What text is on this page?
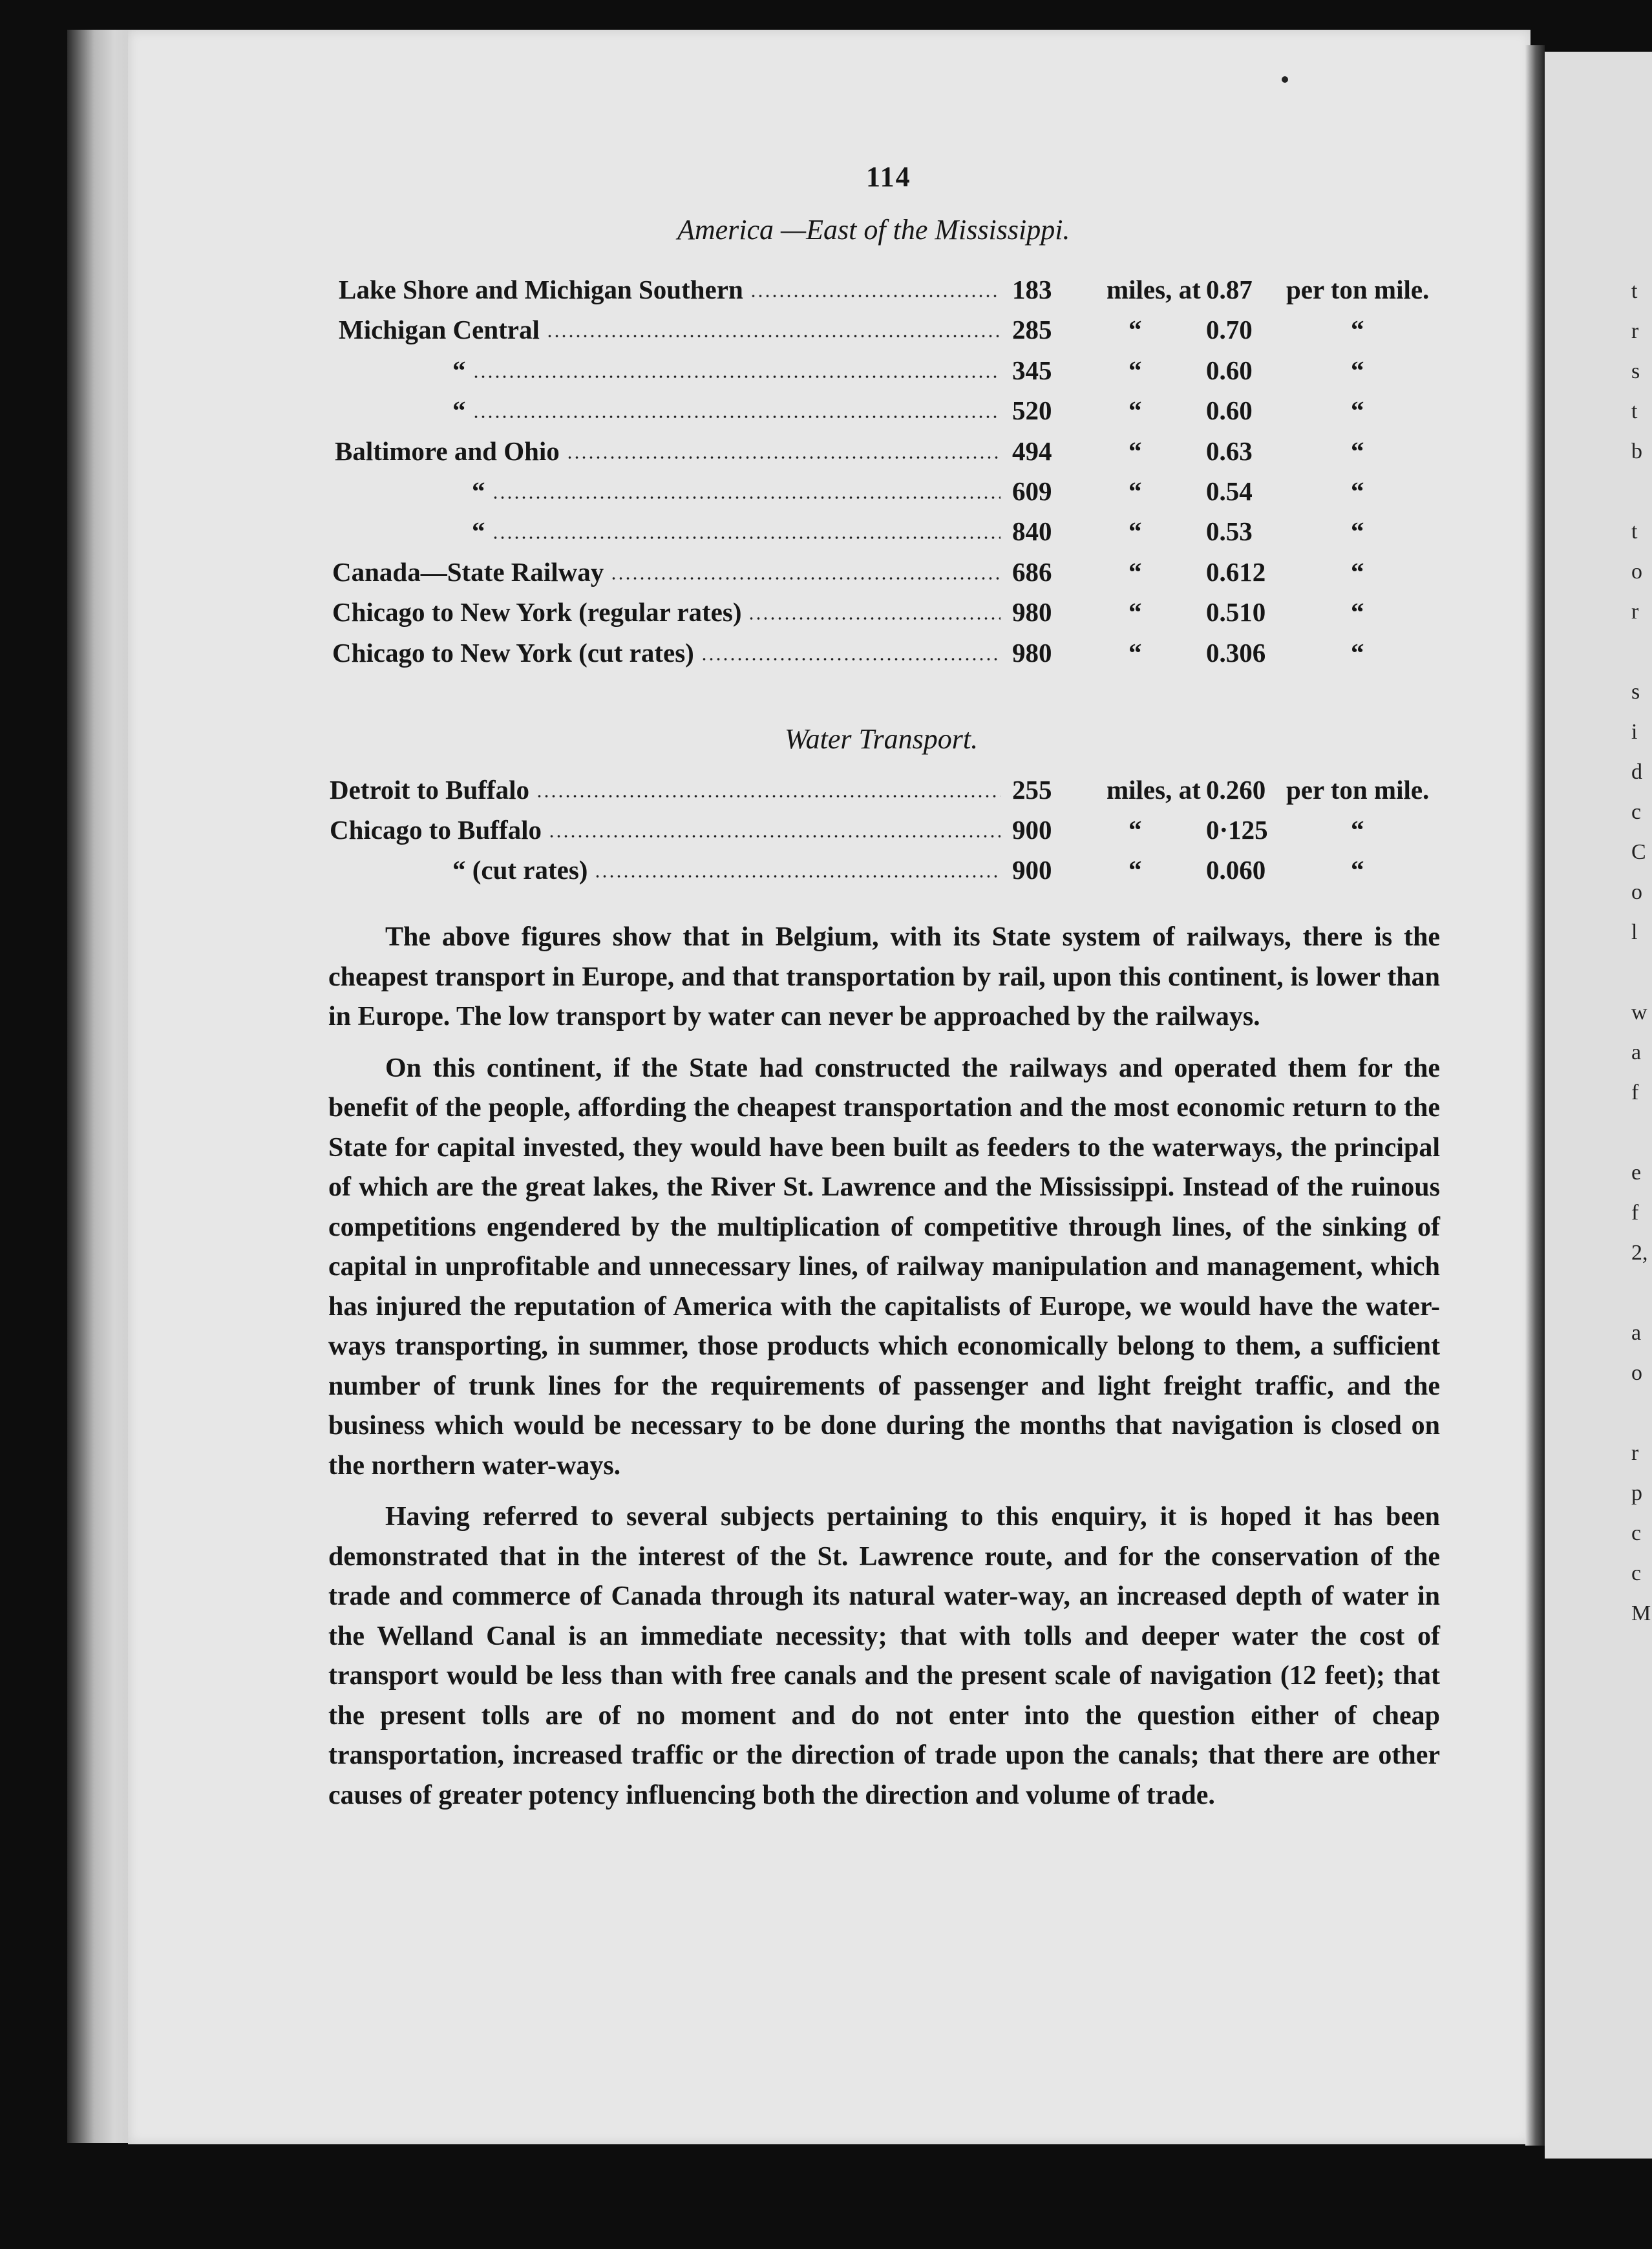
t
r
s
t
b
t
o
r
s
i
d
c
C
o
l
w
a
f
e
f
2,
a
o
r
p
c
c
M
114
America —East of the Mississippi.
Lake Shore and Michigan Southern	183 miles, at 0.87 per ton mile.
Michigan Central	285	“ 0.70	“
“	345	“ 0.60	“
“	520	“ 0.60	“
Baltimore and Ohio	494	“ 0.63	“
“	609	“ 0.54	“
“	840	“ 0.53	“
Canada—State Railway	686	“ 0.612	“
Chicago to New York (regular rates)	980	“ 0.510	“
Chicago to New York (cut rates)	980	“ 0.306	“
Water Transport.
Detroit to Buffalo	255 miles, at 0.260 per ton mile.
Chicago to Buffalo	900	“ 0·125	“
“ (cut rates)	900	“ 0.060	“

The above figures show that in Belgium, with its State system of railways, there is the cheapest transport in Europe, and that transportation by rail, upon this continent, is lower than in Europe. The low transport by water can never be approached by the railways.

On this continent, if the State had constructed the railways and operated them for the benefit of the people, affording the cheapest transportation and the most economic return to the State for capital invested, they would have been built as feeders to the waterways, the principal of which are the great lakes, the River St. Lawrence and the Mississippi. Instead of the ruinous competitions engendered by the multiplication of competitive through lines, of the sinking of capital in unprofitable and unnecessary lines, of railway manipulation and management, which has injured the reputation of America with the capitalists of Europe, we would have the water-ways transporting, in summer, those products which economically belong to them, a sufficient number of trunk lines for the requirements of passenger and light freight traffic, and the business which would be necessary to be done during the months that navigation is closed on the northern water-ways.

Having referred to several subjects pertaining to this enquiry, it is hoped it has been demonstrated that in the interest of the St. Lawrence route, and for the conservation of the trade and commerce of Canada through its natural water-way, an increased depth of water in the Welland Canal is an immediate necessity; that with tolls and deeper water the cost of transport would be less than with free canals and the present scale of navigation (12 feet); that the present tolls are of no moment and do not enter into the question either of cheap transportation, increased traffic or the direction of trade upon the canals; that there are other causes of greater potency influencing both the direction and volume of trade.
